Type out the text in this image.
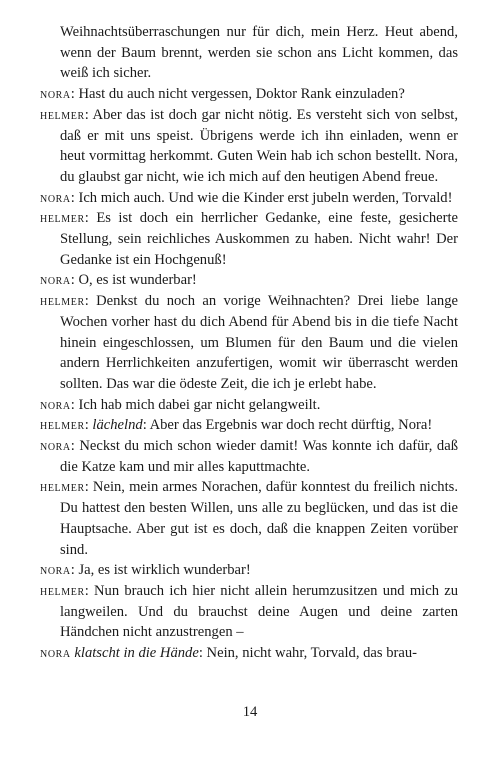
Weihnachtsüberraschungen nur für dich, mein Herz. Heut abend, wenn der Baum brennt, werden sie schon ans Licht kommen, das weiß ich sicher.

nora: Hast du auch nicht vergessen, Doktor Rank einzuladen?

helmer: Aber das ist doch gar nicht nötig. Es versteht sich von selbst, daß er mit uns speist. Übrigens werde ich ihn einladen, wenn er heut vormittag herkommt. Guten Wein hab ich schon bestellt. Nora, du glaubst gar nicht, wie ich mich auf den heutigen Abend freue.

nora: Ich mich auch. Und wie die Kinder erst jubeln werden, Torvald!

helmer: Es ist doch ein herrlicher Gedanke, eine feste, gesicherte Stellung, sein reichliches Auskommen zu haben. Nicht wahr! Der Gedanke ist ein Hochgenuß!

nora: O, es ist wunderbar!

helmer: Denkst du noch an vorige Weihnachten? Drei liebe lange Wochen vorher hast du dich Abend für Abend bis in die tiefe Nacht hinein eingeschlossen, um Blumen für den Baum und die vielen andern Herrlichkeiten anzufertigen, womit wir überrascht werden sollten. Das war die ödeste Zeit, die ich je erlebt habe.

nora: Ich hab mich dabei gar nicht gelangweilt.

helmer: lächelnd: Aber das Ergebnis war doch recht dürftig, Nora!

nora: Neckst du mich schon wieder damit! Was konnte ich dafür, daß die Katze kam und mir alles kaputtmachte.

helmer: Nein, mein armes Norachen, dafür konntest du freilich nichts. Du hattest den besten Willen, uns alle zu beglücken, und das ist die Hauptsache. Aber gut ist es doch, daß die knappen Zeiten vorüber sind.

nora: Ja, es ist wirklich wunderbar!

helmer: Nun brauch ich hier nicht allein herumzusitzen und mich zu langweilen. Und du brauchst deine Augen und deine zarten Händchen nicht anzustrengen –

nora klatscht in die Hände: Nein, nicht wahr, Torvald, das brau-

14
